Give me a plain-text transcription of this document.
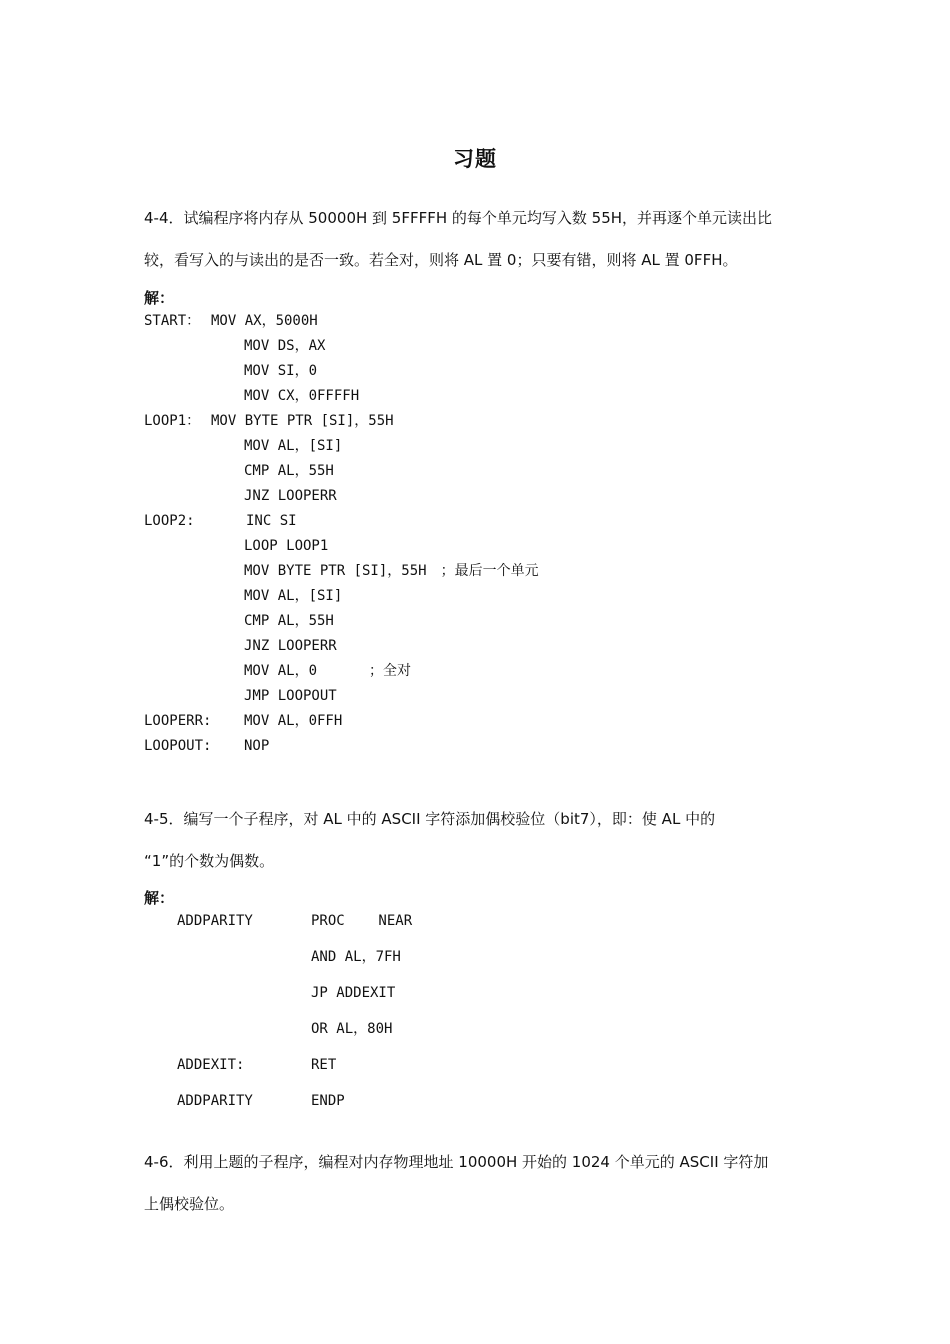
习题
4-4．试编程序将内存从 50000H 到 5FFFFH 的每个单元均写入数 55H，并再逐个单元读出比
较，看写入的与读出的是否一致。若全对，则将 AL 置 0；只要有错，则将 AL 置 0FFH。
解：
START： MOV AX，5000H
MOV DS，AX
MOV SI，0
MOV CX，0FFFFH
LOOP1： MOV BYTE PTR [SI]，55H
MOV AL，[SI]
CMP AL，55H
JNZ LOOPERR
LOOP2:	INC SI
LOOP LOOP1
MOV BYTE PTR [SI]，55H ；最后一个单元
MOV AL，[SI]
CMP AL，55H
JNZ LOOPERR
MOV AL，0	；全对
JMP LOOPOUT
LOOPERR: MOV AL，0FFH
LOOPOUT: NOP
4-5．编写一个子程序，对 AL 中的 ASCII 字符添加偶校验位（bit7），即：使 AL 中的
“1”的个数为偶数。
解：
ADDPARITY	PROC    NEAR
AND AL，7FH
JP ADDEXIT
OR AL，80H
ADDEXIT:	RET
ADDPARITY	ENDP
4-6．利用上题的子程序，编程对内存物理地址 10000H 开始的 1024 个单元的 ASCII 字符加
上偶校验位。
